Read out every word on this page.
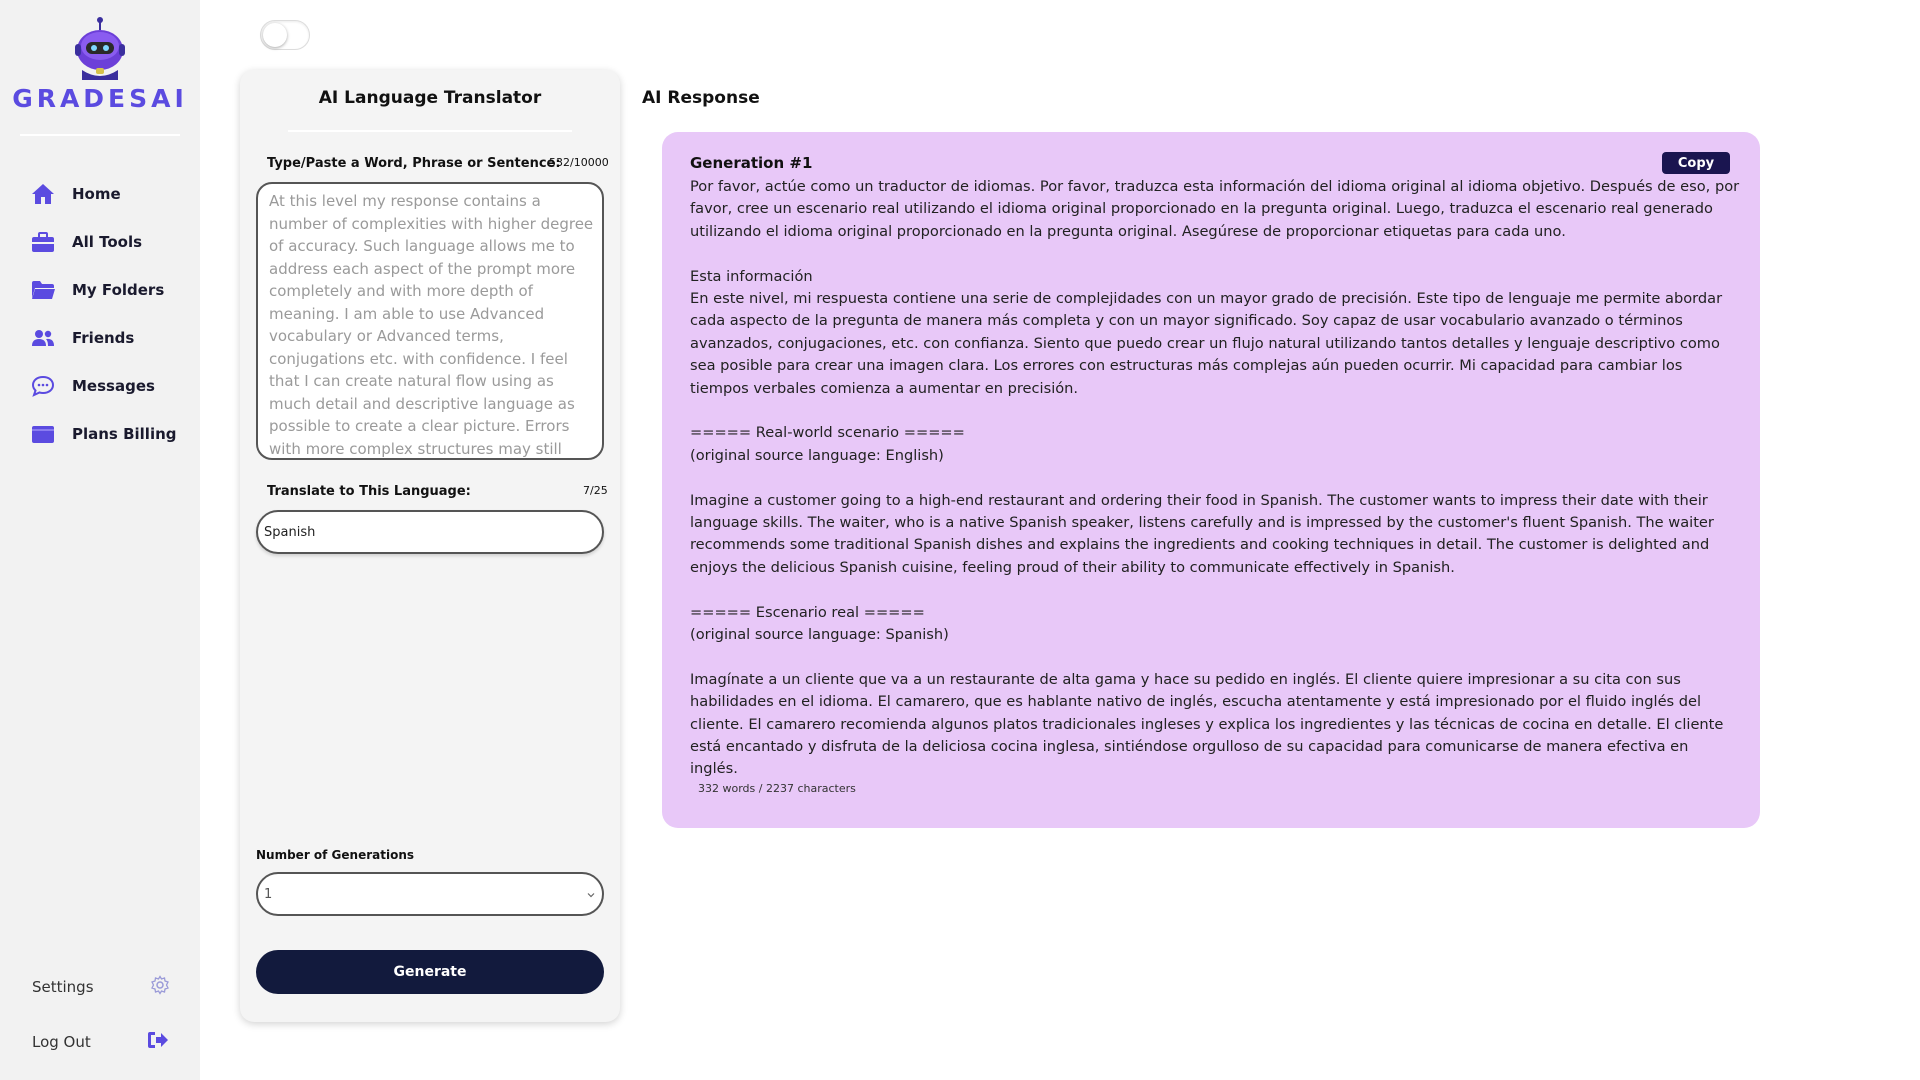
GRADESAI
Home
All Tools
My Folders
Friends
Messages
Plans Billing
Settings
Log Out
AI Language Translator
Type/Paste a Word, Phrase or Sentence:
532/10000
At this level my response contains a number of complexities with higher degree of accuracy. Such language allows me to address each aspect of the prompt more completely and with more depth of meaning. I am able to use Advanced vocabulary or Advanced terms, conjugations etc. with confidence. I feel that I can create natural flow using as much detail and descriptive language as possible to create a clear picture. Errors with more complex structures may still
Translate to This Language:	7/25
Spanish
Number of Generations
1
Generate
AI Response
Generation #1	Copy

Por favor, actúe como un traductor de idiomas. Por favor, traduzca esta información del idioma original al idioma objetivo. Después de eso, por favor, cree un escenario real utilizando el idioma original proporcionado en la pregunta original. Luego, traduzca el escenario real generado utilizando el idioma original proporcionado en la pregunta original. Asegúrese de proporcionar etiquetas para cada uno.

Esta información

En este nivel, mi respuesta contiene una serie de complejidades con un mayor grado de precisión. Este tipo de lenguaje me permite abordar cada aspecto de la pregunta de manera más completa y con un mayor significado. Soy capaz de usar vocabulario avanzado o términos avanzados, conjugaciones, etc. con confianza. Siento que puedo crear un flujo natural utilizando tantos detalles y lenguaje descriptivo como sea posible para crear una imagen clara. Los errores con estructuras más complejas aún pueden ocurrir. Mi capacidad para cambiar los tiempos verbales comienza a aumentar en precisión.

===== Real-world scenario =====

(original source language: English)

Imagine a customer going to a high-end restaurant and ordering their food in Spanish. The customer wants to impress their date with their language skills. The waiter, who is a native Spanish speaker, listens carefully and is impressed by the customer's fluent Spanish. The waiter recommends some traditional Spanish dishes and explains the ingredients and cooking techniques in detail. The customer is delighted and enjoys the delicious Spanish cuisine, feeling proud of their ability to communicate effectively in Spanish.

===== Escenario real =====

(original source language: Spanish)

Imagínate a un cliente que va a un restaurante de alta gama y hace su pedido en inglés. El cliente quiere impresionar a su cita con sus habilidades en el idioma. El camarero, que es hablante nativo de inglés, escucha atentamente y está impresionado por el fluido inglés del cliente. El camarero recomienda algunos platos tradicionales ingleses y explica los ingredientes y las técnicas de cocina en detalle. El cliente está encantado y disfruta de la deliciosa cocina inglesa, sintiéndose orgulloso de su capacidad para comunicarse de manera efectiva en inglés.

332 words / 2237 characters
